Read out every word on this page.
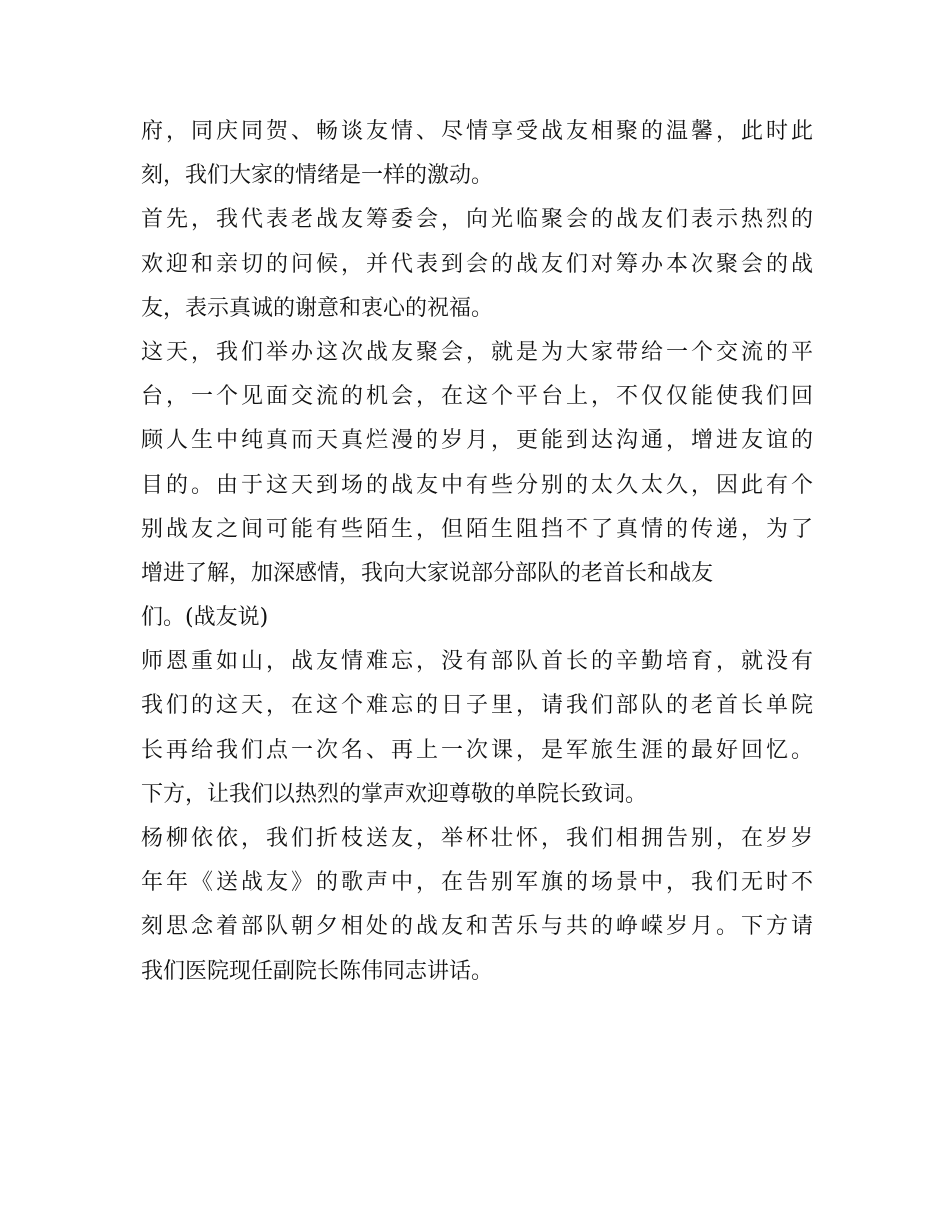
府，同庆同贺、畅谈友情、尽情享受战友相聚的温馨，此时此
刻，我们大家的情绪是一样的激动。
首先，我代表老战友筹委会，向光临聚会的战友们表示热烈的
欢迎和亲切的问候，并代表到会的战友们对筹办本次聚会的战
友，表示真诚的谢意和衷心的祝福。
这天，我们举办这次战友聚会，就是为大家带给一个交流的平
台，一个见面交流的机会，在这个平台上，不仅仅能使我们回
顾人生中纯真而天真烂漫的岁月，更能到达沟通，增进友谊的
目的。由于这天到场的战友中有些分别的太久太久，因此有个
别战友之间可能有些陌生，但陌生阻挡不了真情的传递，为了
增进了解，加深感情，我向大家说部分部队的老首长和战友
们。(战友说)
师恩重如山，战友情难忘，没有部队首长的辛勤培育，就没有
我们的这天，在这个难忘的日子里，请我们部队的老首长单院
长再给我们点一次名、再上一次课，是军旅生涯的最好回忆。
下方，让我们以热烈的掌声欢迎尊敬的单院长致词。
杨柳依依，我们折枝送友，举杯壮怀，我们相拥告别，在岁岁
年年《送战友》的歌声中，在告别军旗的场景中，我们无时不
刻思念着部队朝夕相处的战友和苦乐与共的峥嵘岁月。下方请
我们医院现任副院长陈伟同志讲话。
